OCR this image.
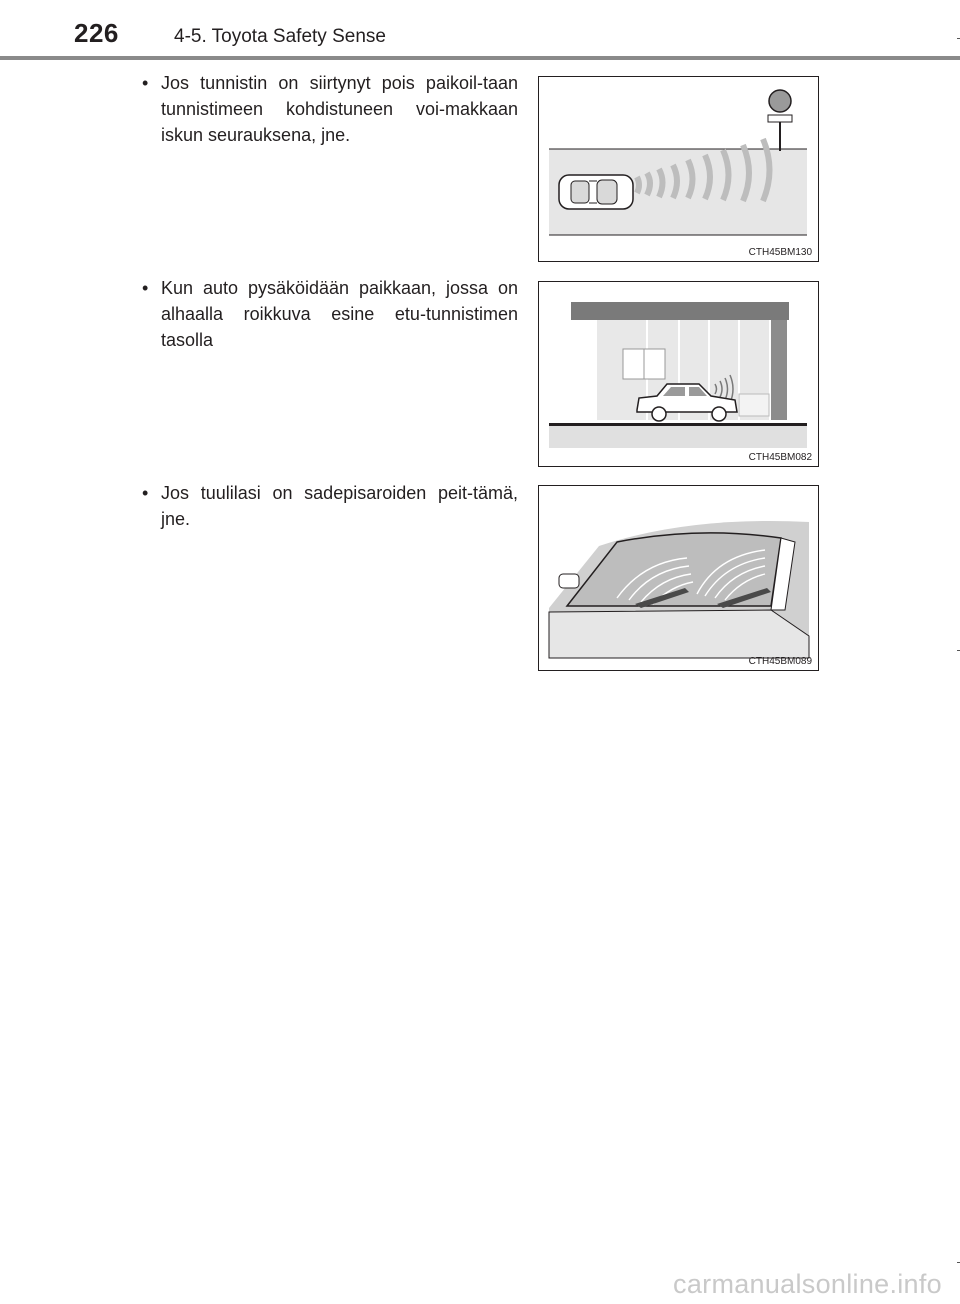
226	4-5. Toyota Safety Sense
• Jos tunnistin on siirtynyt pois paikoil-taan tunnistimeen kohdistuneen voi-makkaan iskun seurauksena, jne.
CTH45BM130
• Kun auto pysäköidään paikkaan, jossa on alhaalla roikkuva esine etu-tunnistimen tasolla
CTH45BM082
• Jos tuulilasi on sadepisaroiden peit-tämä, jne.
CTH45BM089
carmanualsonline.info
